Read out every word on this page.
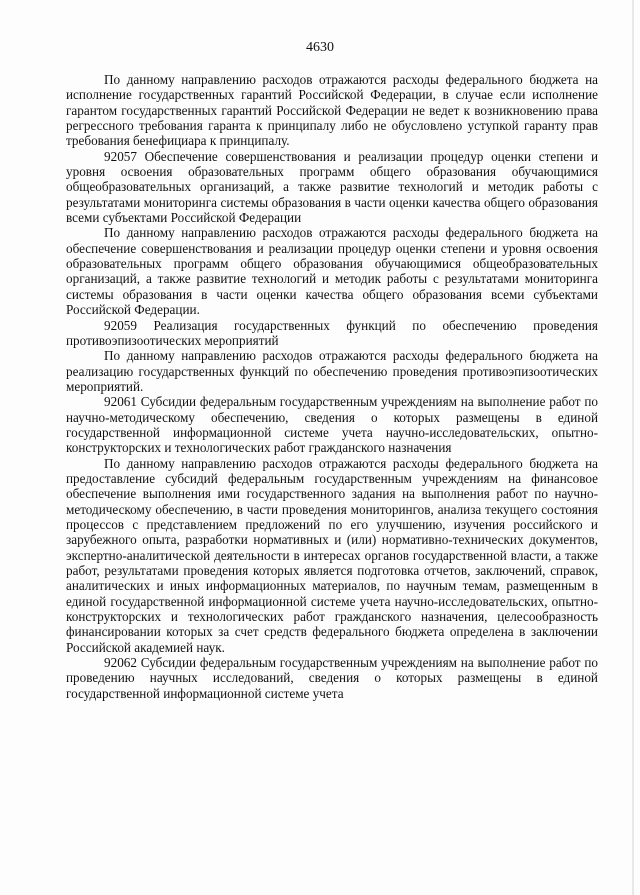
4630

По данному направлению расходов отражаются расходы федерального бюджета на исполнение государственных гарантий Российской Федерации, в случае если исполнение гарантом государственных гарантий Российской Федерации не ведет к возникновению права регрессного требования гаранта к принципалу либо не обусловлено уступкой гаранту прав требования бенефициара к принципалу.

92057 Обеспечение совершенствования и реализации процедур оценки степени и уровня освоения образовательных программ общего образования обучающимися общеобразовательных организаций, а также развитие технологий и методик работы с результатами мониторинга системы образования в части оценки качества общего образования всеми субъектами Российской Федерации

По данному направлению расходов отражаются расходы федерального бюджета на обеспечение совершенствования и реализации процедур оценки степени и уровня освоения образовательных программ общего образования обучающимися общеобразовательных организаций, а также развитие технологий и методик работы с результатами мониторинга системы образования в части оценки качества общего образования всеми субъектами Российской Федерации.

92059 Реализация государственных функций по обеспечению проведения противоэпизоотических мероприятий

По данному направлению расходов отражаются расходы федерального бюджета на реализацию государственных функций по обеспечению проведения противоэпизоотических мероприятий.

92061 Субсидии федеральным государственным учреждениям на выполнение работ по научно-методическому обеспечению, сведения о которых размещены в единой государственной информационной системе учета научно-исследовательских, опытно-конструкторских и технологических работ гражданского назначения

По данному направлению расходов отражаются расходы федерального бюджета на предоставление субсидий федеральным государственным учреждениям на финансовое обеспечение выполнения ими государственного задания на выполнения работ по научно-методическому обеспечению, в части проведения мониторингов, анализа текущего состояния процессов с представлением предложений по его улучшению, изучения российского и зарубежного опыта, разработки нормативных и (или) нормативно-технических документов, экспертно-аналитической деятельности в интересах органов государственной власти, а также работ, результатами проведения которых является подготовка отчетов, заключений, справок, аналитических и иных информационных материалов, по научным темам, размещенным в единой государственной информационной системе учета научно-исследовательских, опытно-конструкторских и технологических работ гражданского назначения, целесообразность финансировании которых за счет средств федерального бюджета определена в заключении Российской академией наук.

92062 Субсидии федеральным государственным учреждениям на выполнение работ по проведению научных исследований, сведения о которых размещены в единой государственной информационной системе учета
